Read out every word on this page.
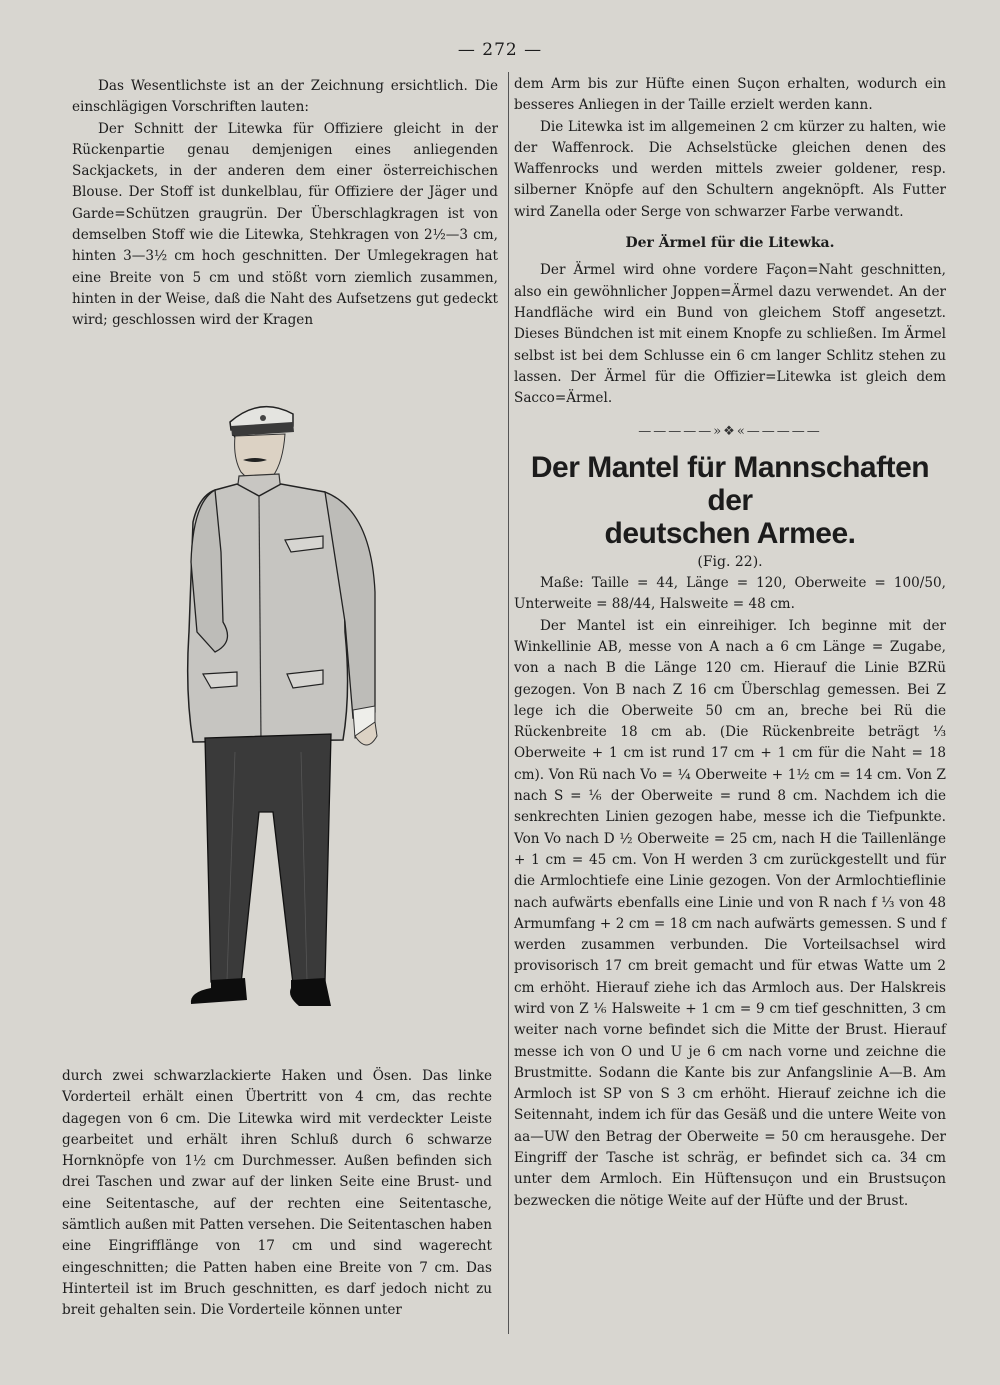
— 272 —

Das Wesentlichste ist an der Zeichnung ersichtlich. Die einschlägigen Vorschriften lauten:

Der Schnitt der Litewka für Offiziere gleicht in der Rückenpartie genau demjenigen eines anliegenden Sackjackets, in der anderen dem einer österreichischen Blouse. Der Stoff ist dunkelblau, für Offiziere der Jäger und Garde=Schützen graugrün. Der Überschlagkragen ist von demselben Stoff wie die Litewka, Stehkragen von 2½—3 cm, hinten 3—3½ cm hoch geschnitten. Der Umlegekragen hat eine Breite von 5 cm und stößt vorn ziemlich zusammen, hinten in der Weise, daß die Naht des Aufsetzens gut gedeckt wird; geschlossen wird der Kragen

durch zwei schwarzlackierte Haken und Ösen. Das linke Vorderteil erhält einen Übertritt von 4 cm, das rechte dagegen von 6 cm. Die Litewka wird mit verdeckter Leiste gearbeitet und erhält ihren Schluß durch 6 schwarze Hornknöpfe von 1½ cm Durchmesser. Außen befinden sich drei Taschen und zwar auf der linken Seite eine Brust- und eine Seitentasche, auf der rechten eine Seitentasche, sämtlich außen mit Patten versehen. Die Seitentaschen haben eine Eingrifflänge von 17 cm und sind wagerecht eingeschnitten; die Patten haben eine Breite von 7 cm. Das Hinterteil ist im Bruch geschnitten, es darf jedoch nicht zu breit gehalten sein. Die Vorderteile können unter

dem Arm bis zur Hüfte einen Suçon erhalten, wodurch ein besseres Anliegen in der Taille erzielt werden kann.

Die Litewka ist im allgemeinen 2 cm kürzer zu halten, wie der Waffenrock. Die Achselstücke gleichen denen des Waffenrocks und werden mittels zweier goldener, resp. silberner Knöpfe auf den Schultern angeknöpft. Als Futter wird Zanella oder Serge von schwarzer Farbe verwandt.

Der Ärmel für die Litewka.

Der Ärmel wird ohne vordere Façon=Naht geschnitten, also ein gewöhnlicher Joppen=Ärmel dazu verwendet. An der Handfläche wird ein Bund von gleichem Stoff angesetzt. Dieses Bündchen ist mit einem Knopfe zu schließen. Im Ärmel selbst ist bei dem Schlusse ein 6 cm langer Schlitz stehen zu lassen. Der Ärmel für die Offizier=Litewka ist gleich dem Sacco=Ärmel.

—————»❖«—————
Der Mantel für Mannschaften der
deutschen Armee.

(Fig. 22).

Maße: Taille = 44, Länge = 120, Oberweite = 100/50, Unterweite = 88/44, Halsweite = 48 cm.

Der Mantel ist ein einreihiger. Ich beginne mit der Winkellinie AB, messe von A nach a 6 cm Länge = Zugabe, von a nach B die Länge 120 cm. Hierauf die Linie BZRü gezogen. Von B nach Z 16 cm Überschlag gemessen. Bei Z lege ich die Oberweite 50 cm an, breche bei Rü die Rückenbreite 18 cm ab. (Die Rückenbreite beträgt ⅓ Oberweite + 1 cm ist rund 17 cm + 1 cm für die Naht = 18 cm). Von Rü nach Vo = ¼ Oberweite + 1½ cm = 14 cm. Von Z nach S = ⅙ der Oberweite = rund 8 cm. Nachdem ich die senkrechten Linien gezogen habe, messe ich die Tiefpunkte. Von Vo nach D ½ Oberweite = 25 cm, nach H die Taillenlänge + 1 cm = 45 cm. Von H werden 3 cm zurückgestellt und für die Armlochtiefe eine Linie gezogen. Von der Armlochtieflinie nach aufwärts ebenfalls eine Linie und von R nach f ⅓ von 48 Armumfang + 2 cm = 18 cm nach aufwärts gemessen. S und f werden zusammen verbunden. Die Vorteilsachsel wird provisorisch 17 cm breit gemacht und für etwas Watte um 2 cm erhöht. Hierauf ziehe ich das Armloch aus. Der Halskreis wird von Z ⅙ Halsweite + 1 cm = 9 cm tief geschnitten, 3 cm weiter nach vorne befindet sich die Mitte der Brust. Hierauf messe ich von O und U je 6 cm nach vorne und zeichne die Brustmitte. Sodann die Kante bis zur Anfangslinie A—B. Am Armloch ist SP von S 3 cm erhöht. Hierauf zeichne ich die Seitennaht, indem ich für das Gesäß und die untere Weite von aa—UW den Betrag der Oberweite = 50 cm herausgehe. Der Eingriff der Tasche ist schräg, er befindet sich ca. 34 cm unter dem Armloch. Ein Hüftensuçon und ein Brustsuçon bezwecken die nötige Weite auf der Hüfte und der Brust.
